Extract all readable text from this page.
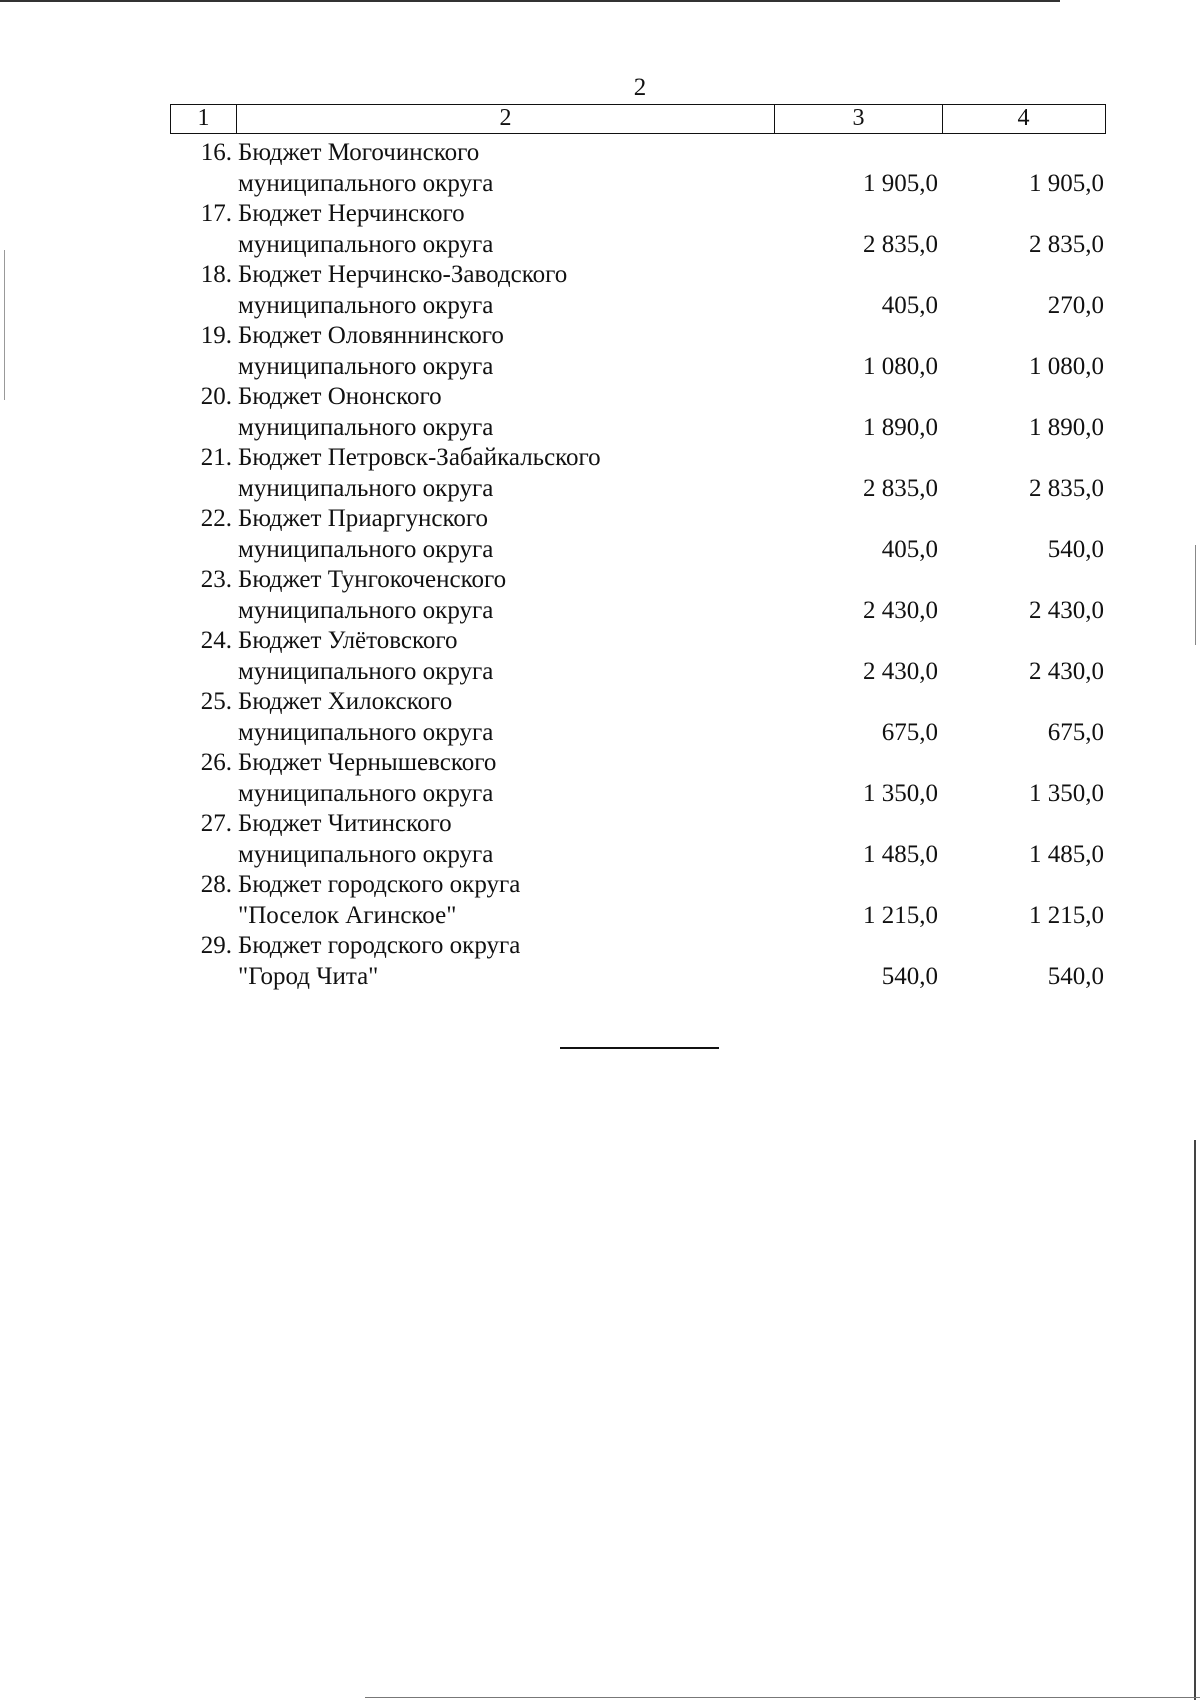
2
1	2	3	4
16. Бюджет Могочинского
муниципального округа	1 905,0	1 905,0
17. Бюджет Нерчинского
муниципального округа	2 835,0	2 835,0
18. Бюджет Нерчинско-Заводского
муниципального округа	405,0	270,0
19. Бюджет Оловяннинского
муниципального округа	1 080,0	1 080,0
20. Бюджет Ононского
муниципального округа	1 890,0	1 890,0
21. Бюджет Петровск-Забайкальского
муниципального округа	2 835,0	2 835,0
22. Бюджет Приаргунского
муниципального округа	405,0	540,0
23. Бюджет Тунгокоченского
муниципального округа	2 430,0	2 430,0
24. Бюджет Улётовского
муниципального округа	2 430,0	2 430,0
25. Бюджет Хилокского
муниципального округа	675,0	675,0
26. Бюджет Чернышевского
муниципального округа	1 350,0	1 350,0
27. Бюджет Читинского
муниципального округа	1 485,0	1 485,0
28. Бюджет городского округа
"Поселок Агинское"	1 215,0	1 215,0
29. Бюджет городского округа
"Город Чита"	540,0	540,0
